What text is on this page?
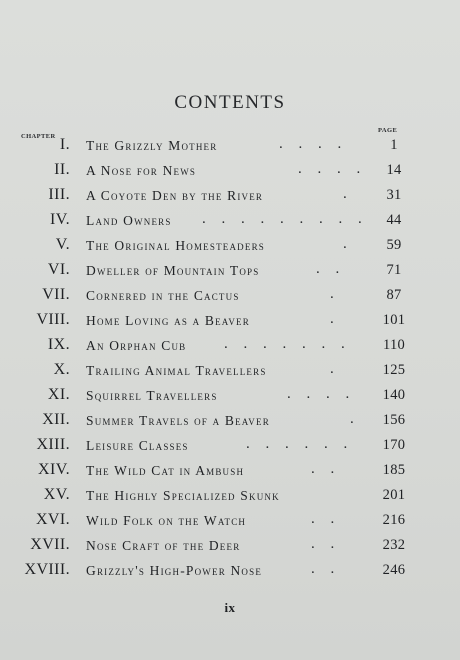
CONTENTS
CHAPTER
PAGE
I. The Grizzly Mother	. . . .	1
II. A Nose for News	. . . .	14
III. A Coyote Den by the River	.	31
IV. Land Owners . . . . . . . . .	44
V. The Original Homesteaders	.	59
VI. Dweller of Mountain Tops	. .	71
VII. Cornered in the Cactus	.	87
VIII. Home Loving as a Beaver	.	101
IX. An Orphan Cub	. . . . . . .	110
X. Trailing Animal Travellers	.	125
XI. Squirrel Travellers	. . . .	140
XII. Summer Travels of a Beaver	.	156
XIII. Leisure Classes	. . . . . .	170
XIV. The Wild Cat in Ambush	. .	185
XV. The Highly Specialized Skunk	201
XVI. Wild Folk on the Watch	. .	216
XVII. Nose Craft of the Deer	. .	232
XVIII. Grizzly's High-Power Nose	. .	246
ix
